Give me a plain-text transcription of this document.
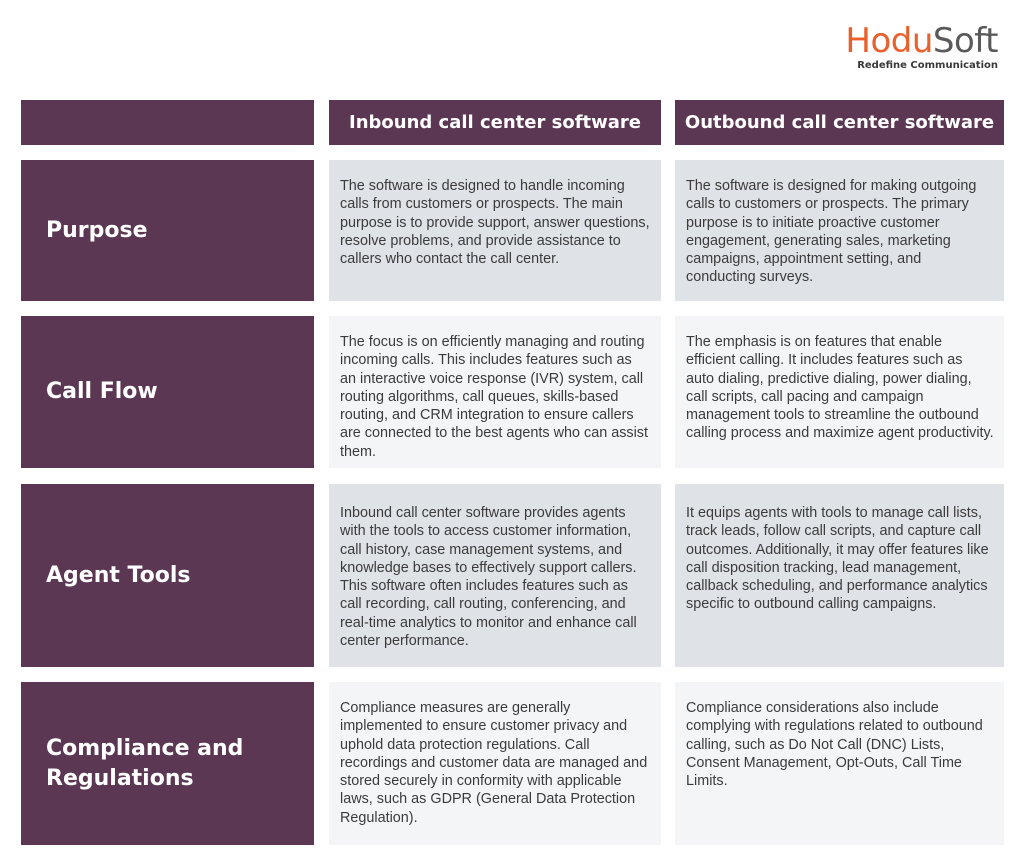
HoduSoft
Redefine Communication
Inbound call center software	Outbound call center software
Purpose

The software is designed to handle incoming calls from customers or prospects. The main purpose is to provide support, answer questions, resolve problems, and provide assistance to callers who contact the call center.

The software is designed for making outgoing calls to customers or prospects. The primary purpose is to initiate proactive customer engagement, generating sales, marketing campaigns, appointment setting, and conducting surveys.

Call Flow

The focus is on efficiently managing and routing incoming calls. This includes features such as an interactive voice response (IVR) system, call routing algorithms, call queues, skills-based routing, and CRM integration to ensure callers are connected to the best agents who can assist them.

The emphasis is on features that enable efficient calling. It includes features such as auto dialing, predictive dialing, power dialing, call scripts, call pacing and campaign management tools to streamline the outbound calling process and maximize agent productivity.

Agent Tools

Inbound call center software provides agents with the tools to access customer information, call history, case management systems, and knowledge bases to effectively support callers. This software often includes features such as call recording, call routing, conferencing, and real-time analytics to monitor and enhance call center performance.

It equips agents with tools to manage call lists, track leads, follow call scripts, and capture call outcomes. Additionally, it may offer features like call disposition tracking, lead management, callback scheduling, and performance analytics specific to outbound calling campaigns.

Compliance and Regulations

Compliance measures are generally implemented to ensure customer privacy and uphold data protection regulations. Call recordings and customer data are managed and stored securely in conformity with applicable laws, such as GDPR (General Data Protection Regulation).

Compliance considerations also include complying with regulations related to outbound calling, such as Do Not Call (DNC) Lists, Consent Management, Opt-Outs, Call Time Limits.
